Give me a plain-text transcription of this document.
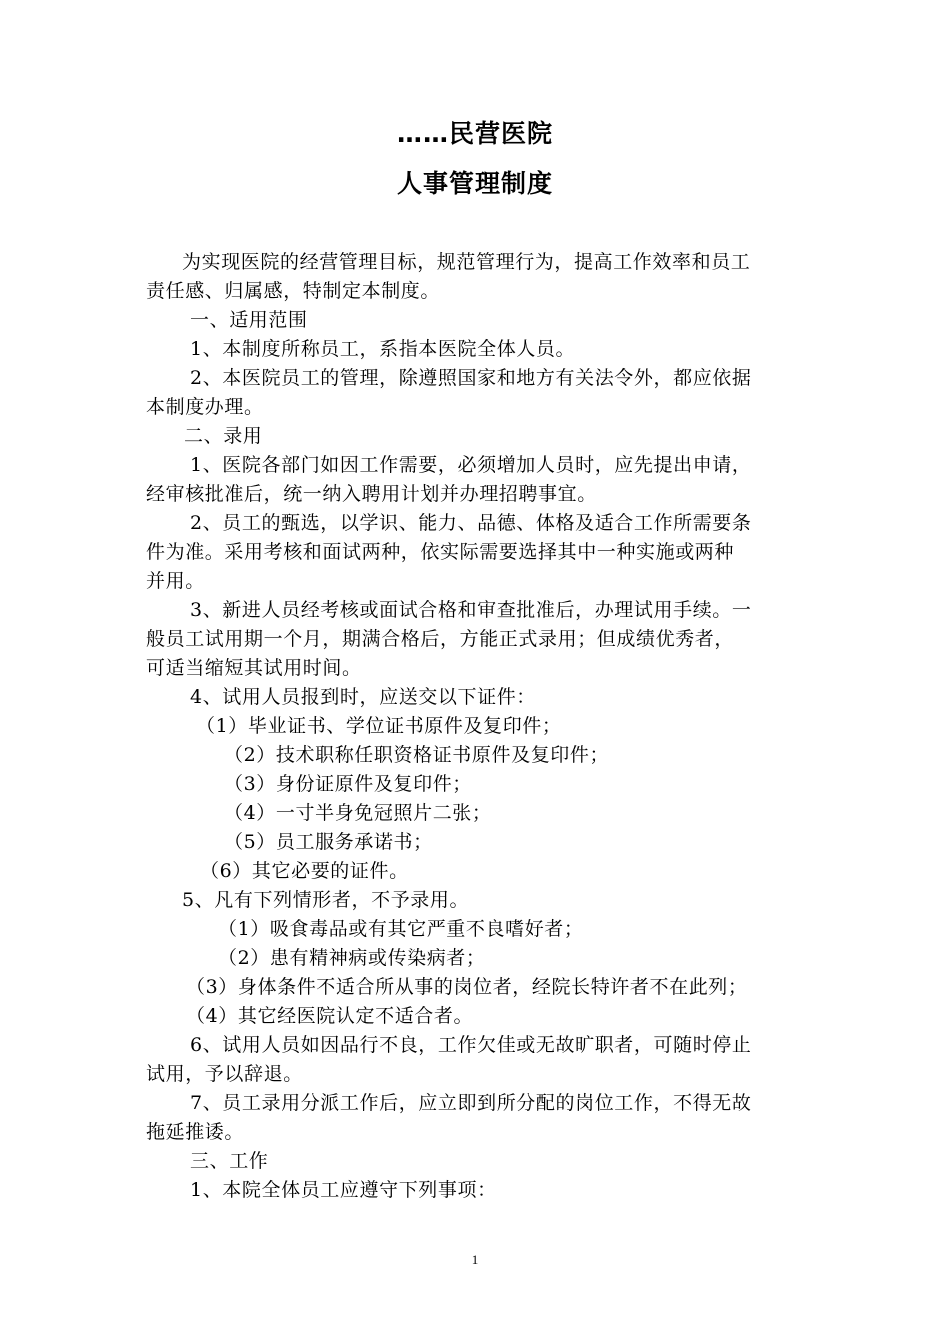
……民营医院
人事管理制度

为实现医院的经营管理目标，规范管理行为，提高工作效率和员工

责任感、归属感，特制定本制度。

一、适用范围

1、本制度所称员工，系指本医院全体人员。

2、本医院员工的管理，除遵照国家和地方有关法令外，都应依据

本制度办理。

二、录用

1、医院各部门如因工作需要，必须增加人员时，应先提出申请，

经审核批准后，统一纳入聘用计划并办理招聘事宜。

2、员工的甄选，以学识、能力、品德、体格及适合工作所需要条

件为准。采用考核和面试两种，依实际需要选择其中一种实施或两种

并用。

3、新进人员经考核或面试合格和审查批准后，办理试用手续。一

般员工试用期一个月，期满合格后，方能正式录用；但成绩优秀者，

可适当缩短其试用时间。

4、试用人员报到时，应送交以下证件：

（1）毕业证书、学位证书原件及复印件；

（2）技术职称任职资格证书原件及复印件；

（3）身份证原件及复印件；

（4）一寸半身免冠照片二张；

（5）员工服务承诺书；

（6）其它必要的证件。

5、凡有下列情形者，不予录用。

（1）吸食毒品或有其它严重不良嗜好者；

（2）患有精神病或传染病者；

（3）身体条件不适合所从事的岗位者，经院长特许者不在此列；

（4）其它经医院认定不适合者。

6、试用人员如因品行不良，工作欠佳或无故旷职者，可随时停止

试用，予以辞退。

7、员工录用分派工作后，应立即到所分配的岗位工作，不得无故

拖延推诿。

三、工作

1、本院全体员工应遵守下列事项：

1
